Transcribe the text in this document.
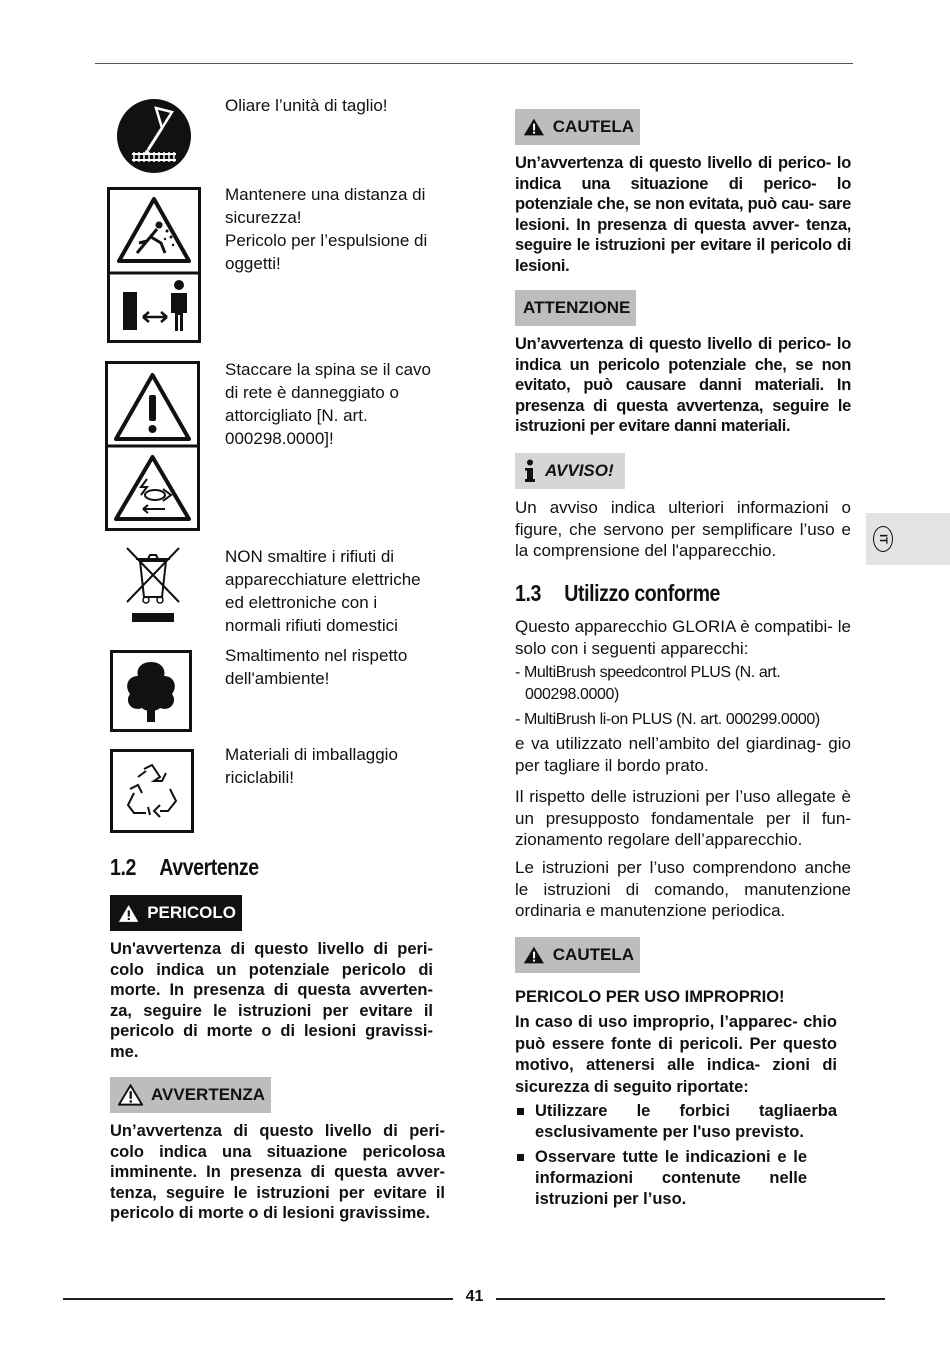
Oliare l’unità di taglio!
Mantenere una distanza di
sicurezza!
Pericolo per l’espulsione di
oggetti!
Staccare la spina se il cavo
di rete è danneggiato o
attorcigliato [N. art.
000298.0000]!
NON smaltire i rifiuti di
apparecchiature elettriche
ed elettroniche con i
normali rifiuti domestici
Smaltimento nel rispetto
dell'ambiente!
Materiali di imballaggio
riciclabili!
1.2 Avvertenze
PERICOLO
Un'avvertenza di questo livello di peri- colo indica un potenziale pericolo di morte. In presenza di questa avverten- za, seguire le istruzioni per evitare il pericolo di morte o di lesioni gravissi- me.
AVVERTENZA
Un’avvertenza di questo livello di peri- colo indica una situazione pericolosa imminente. In presenza di questa avver- tenza, seguire le istruzioni per evitare il pericolo di morte o di lesioni gravissime.
CAUTELA
Un’avvertenza di questo livello di perico- lo indica una situazione di perico- lo potenziale che, se non evitata, può cau- sare lesioni. In presenza di questa avver- tenza, seguire le istruzioni per evitare il pericolo di lesioni.
ATTENZIONE
Un’avvertenza di questo livello di perico- lo indica un pericolo potenziale che, se non evitato, può causare danni materiali. In presenza di questa avvertenza, seguire le istruzioni per evitare danni materiali.
AVVISO!
Un avviso indica ulteriori informazioni o figure, che servono per semplificare l’uso e la comprensione del l'apparecchio.
1.3 Utilizzo conforme
Questo apparecchio GLORIA è compatibi- le solo con i seguenti apparecchi:
- MultiBrush speedcontrol PLUS (N. art.
000298.0000)
- MultiBrush li-on PLUS (N. art. 000299.0000)
e va utilizzato nell’ambito del giardinag- gio per tagliare il bordo prato.
Il rispetto delle istruzioni per l’uso allegate è un presupposto fondamentale per il fun- zionamento regolare dell’apparecchio.
Le istruzioni per l’uso comprendono anche le istruzioni di comando, manutenzione ordinaria e manutenzione periodica.
CAUTELA
PERICOLO PER USO IMPROPRIO!
In caso di uso improprio, l’apparec- chio può essere fonte di pericoli. Per questo motivo, attenersi alle indica- zioni di sicurezza di seguito riportate:
Utilizzare le forbici tagliaerba esclusivamente per l'uso previsto.
Osservare tutte le indicazioni e le informazioni contenute nelle istruzioni per l’uso.
IT
41
